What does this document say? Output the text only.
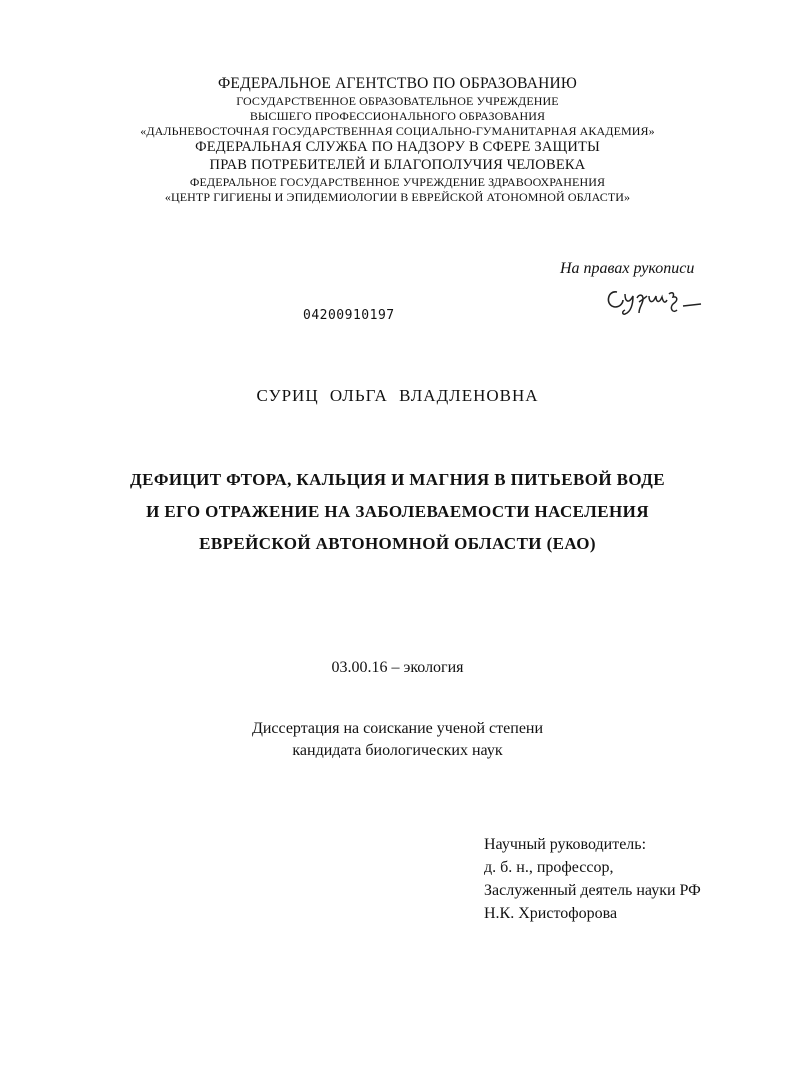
ФЕДЕРАЛЬНОЕ АГЕНТСТВО ПО ОБРАЗОВАНИЮ
ГОСУДАРСТВЕННОЕ ОБРАЗОВАТЕЛЬНОЕ УЧРЕЖДЕНИЕ
ВЫСШЕГО ПРОФЕССИОНАЛЬНОГО ОБРАЗОВАНИЯ
«ДАЛЬНЕВОСТОЧНАЯ ГОСУДАРСТВЕННАЯ СОЦИАЛЬНО-ГУМАНИТАРНАЯ АКАДЕМИЯ»
ФЕДЕРАЛЬНАЯ СЛУЖБА ПО НАДЗОРУ В СФЕРЕ ЗАЩИТЫ
ПРАВ ПОТРЕБИТЕЛЕЙ И БЛАГОПОЛУЧИЯ ЧЕЛОВЕКА
ФЕДЕРАЛЬНОЕ ГОСУДАРСТВЕННОЕ УЧРЕЖДЕНИЕ ЗДРАВООХРАНЕНИЯ
«ЦЕНТР ГИГИЕНЫ И ЭПИДЕМИОЛОГИИ В ЕВРЕЙСКОЙ АТОНОМНОЙ ОБЛАСТИ»
На правах рукописи
04200910197
СУРИЦ ОЛЬГА ВЛАДЛЕНОВНА
ДЕФИЦИТ ФТОРА, КАЛЬЦИЯ И МАГНИЯ В ПИТЬЕВОЙ ВОДЕ
И ЕГО ОТРАЖЕНИЕ НА ЗАБОЛЕВАЕМОСТИ НАСЕЛЕНИЯ
ЕВРЕЙСКОЙ АВТОНОМНОЙ ОБЛАСТИ (ЕАО)
03.00.16 – экология
Диссертация на соискание ученой степени
кандидата биологических наук
Научный руководитель:
д. б. н., профессор,
Заслуженный деятель науки РФ
Н.К. Христофорова
